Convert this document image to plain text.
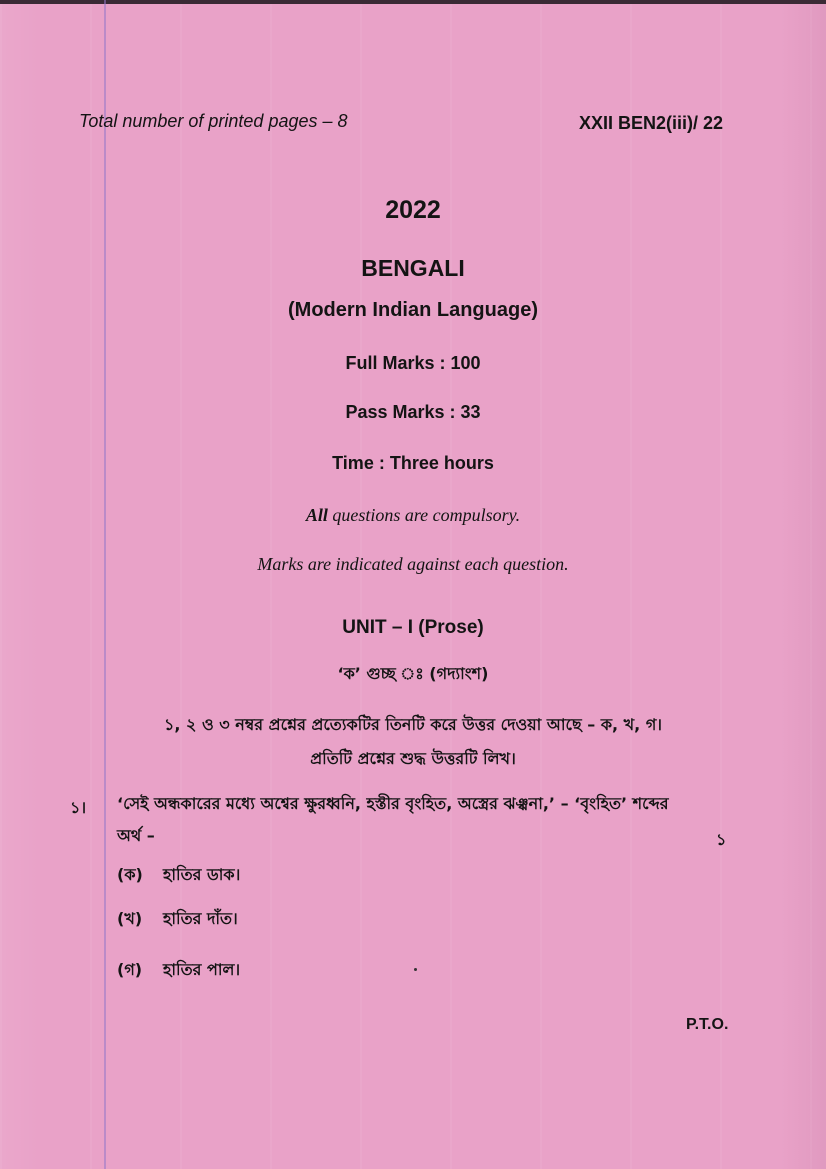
Total number of printed pages – 8	XXII BEN2(iii)/ 22
2022
BENGALI
(Modern Indian Language)
Full Marks : 100
Pass Marks : 33
Time : Three hours
All questions are compulsory.
Marks are indicated against each question.
UNIT – I (Prose)
‘ক’ গুচ্ছ ঃ (গদ্যাংশ)
১, ২ ও ৩ নম্বর প্রশ্নের প্রত্যেকটির তিনটি করে উত্তর দেওয়া আছে – ক, খ, গ।
প্রতিটি প্রশ্নের শুদ্ধ উত্তরটি লিখ।
১। ‘সেই অন্ধকারের মধ্যে অশ্বের ক্ষুরধ্বনি, হস্তীর বৃংহিত, অস্ত্রের ঝঞ্ঝনা,’ – ‘বৃংহিত’ শব্দের
অর্থ –	১
(ক) হাতির ডাক।
(খ) হাতির দাঁত।
(গ) হাতির পাল।
P.T.O.
